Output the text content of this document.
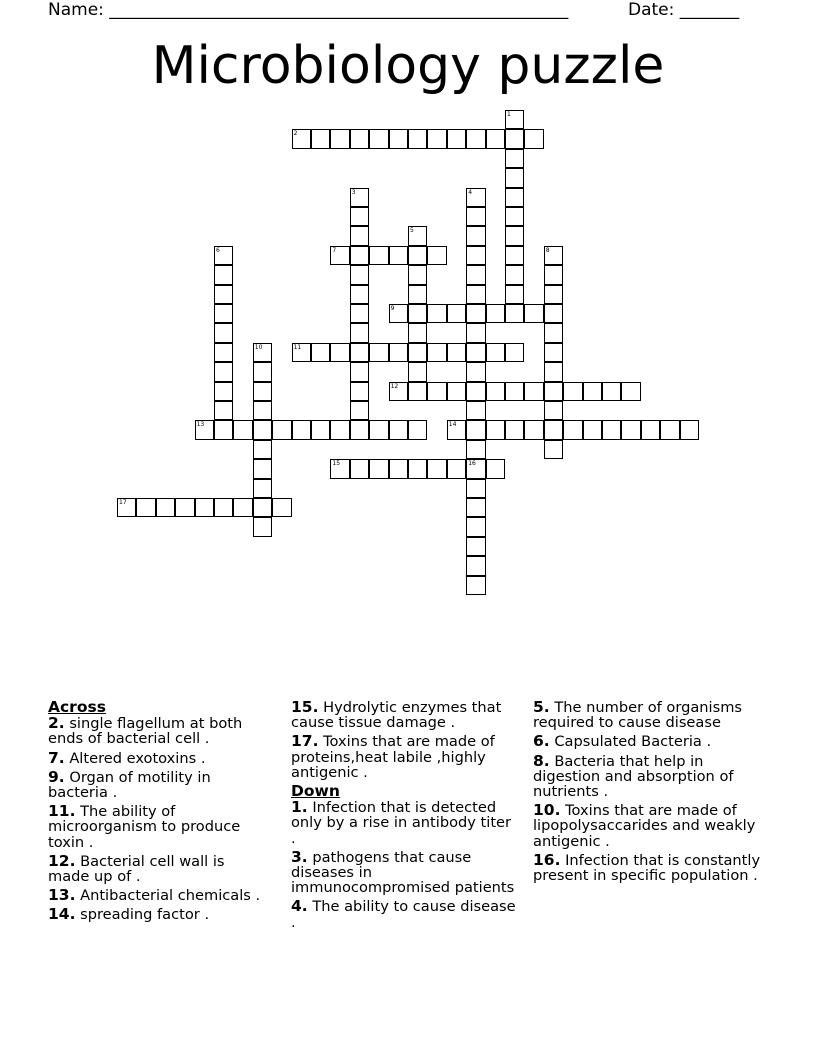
Name: ______________________________________________________	Date: _______
Microbiology puzzle
2
7
9
11
12
13	14
15	16
17
1
3	4
5
6	8
10
Across
2. single flagellum at both ends of bacterial cell .
7. Altered exotoxins .
9. Organ of motility in bacteria .
11. The ability of microorganism to produce toxin .
12. Bacterial cell wall is made up of .
13. Antibacterial chemicals .
14. spreading factor .
15. Hydrolytic enzymes that cause tissue damage .
17. Toxins that are made of proteins,heat labile ,highly antigenic .
Down
1. Infection that is detected only by a rise in antibody titer .
3. pathogens that cause diseases in immunocompromised patients
4. The ability to cause disease .
5. The number of organisms required to cause disease
6. Capsulated Bacteria .
8. Bacteria that help in digestion and absorption of nutrients .
10. Toxins that are made of lipopolysaccarides and weakly antigenic .
16. Infection that is constantly present in specific population .
